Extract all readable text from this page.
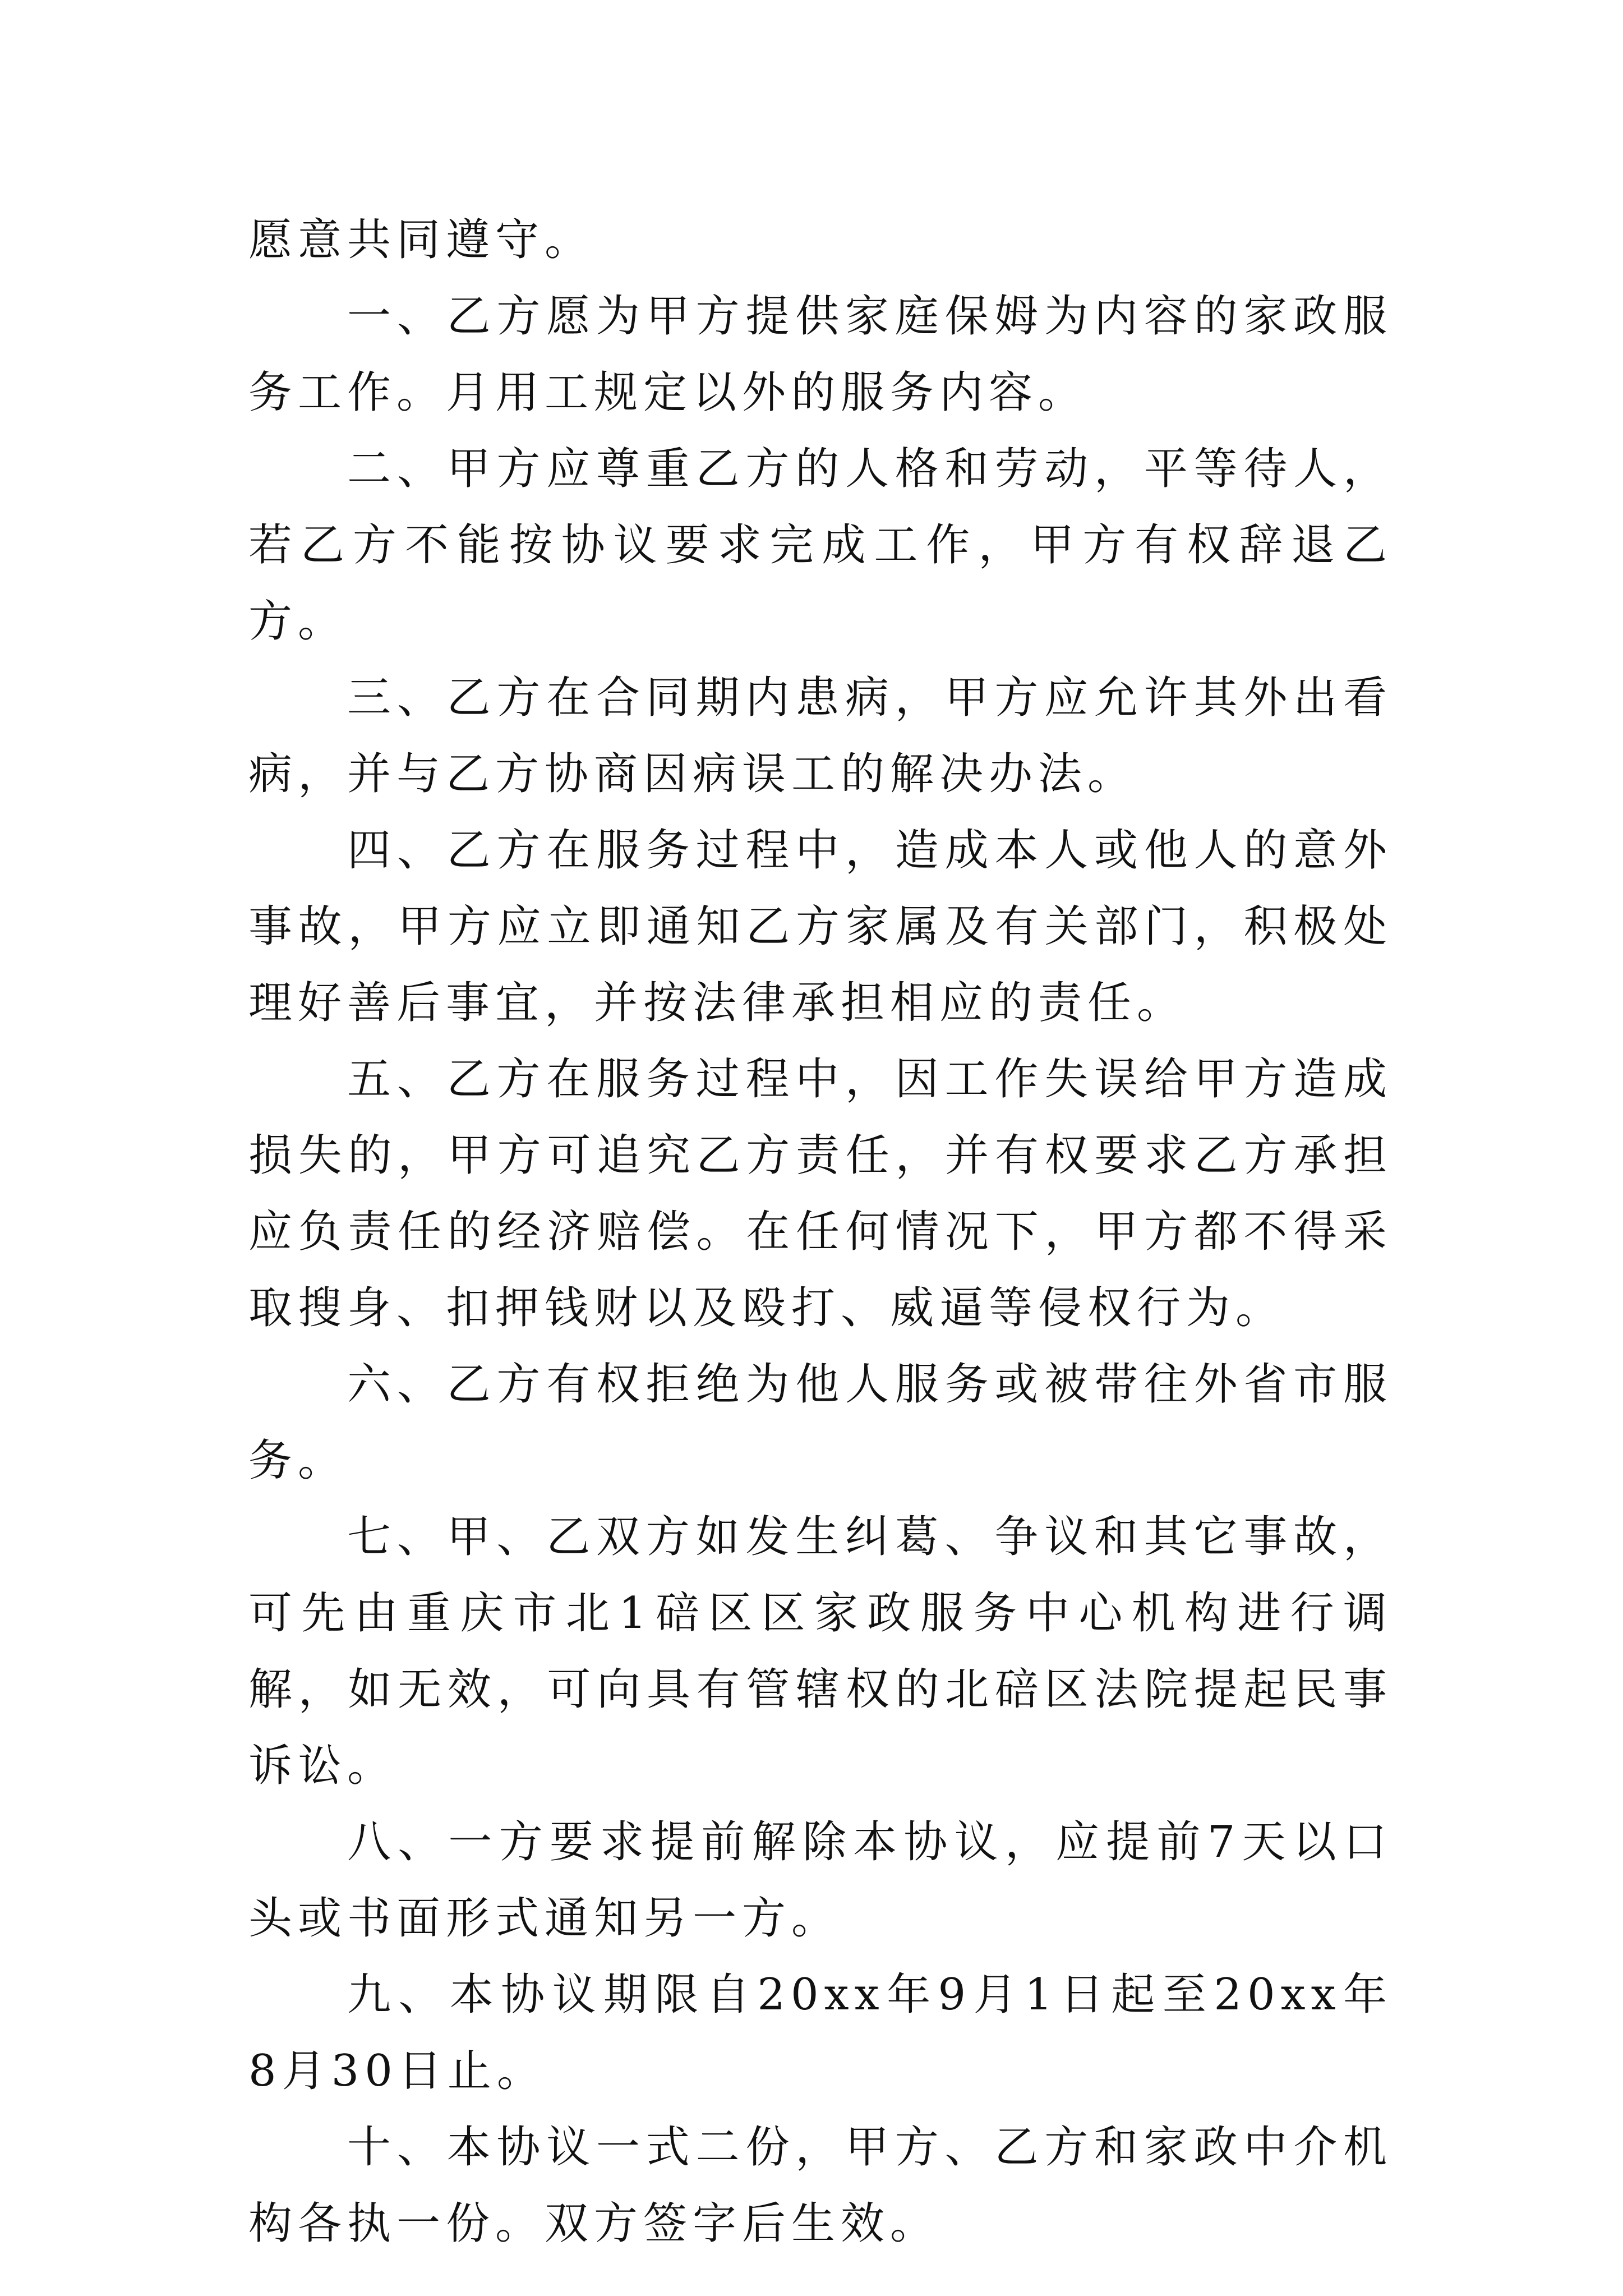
愿意共同遵守。

一、乙方愿为甲方提供家庭保姆为内容的家政服务工作。月用工规定以外的服务内容。

二、甲方应尊重乙方的人格和劳动，平等待人，若乙方不能按协议要求完成工作，甲方有权辞退乙方。

三、乙方在合同期内患病，甲方应允许其外出看病，并与乙方协商因病误工的解决办法。

四、乙方在服务过程中，造成本人或他人的意外事故，甲方应立即通知乙方家属及有关部门，积极处理好善后事宜，并按法律承担相应的责任。

五、乙方在服务过程中，因工作失误给甲方造成损失的，甲方可追究乙方责任，并有权要求乙方承担应负责任的经济赔偿。在任何情况下，甲方都不得采取搜身、扣押钱财以及殴打、威逼等侵权行为。

六、乙方有权拒绝为他人服务或被带往外省市服务。

七、甲、乙双方如发生纠葛、争议和其它事故，可先由重庆市北1碚区区家政服务中心机构进行调解，如无效，可向具有管辖权的北碚区法院提起民事诉讼。

八、一方要求提前解除本协议，应提前7天以口头或书面形式通知另一方。

九、本协议期限自20xx年9月1日起至20xx年8月30日止。

十、本协议一式二份，甲方、乙方和家政中介机构各执一份。双方签字后生效。
